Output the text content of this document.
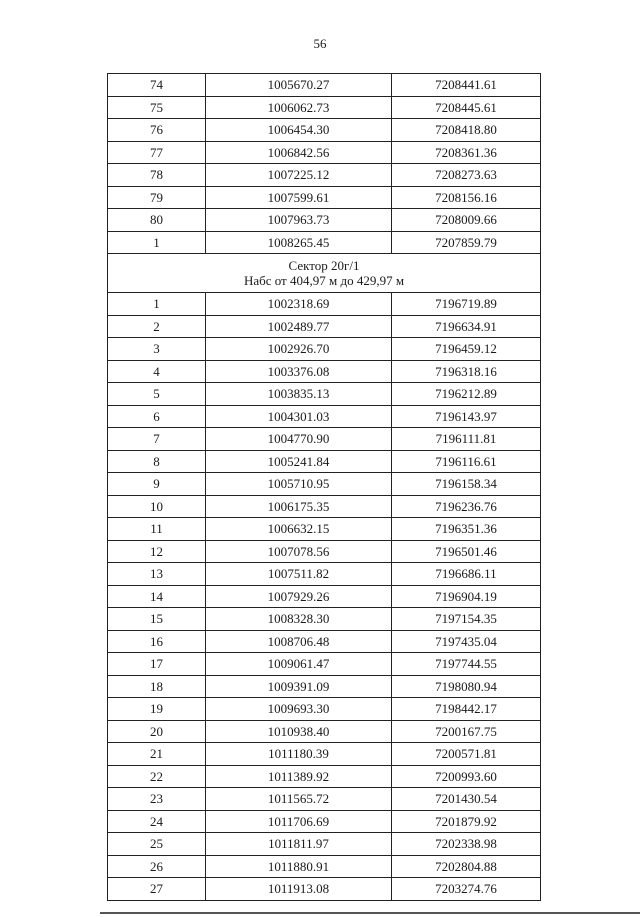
56
74	1005670.27	7208441.61
75	1006062.73	7208445.61
76	1006454.30	7208418.80
77	1006842.56	7208361.36
78	1007225.12	7208273.63
79	1007599.61	7208156.16
80	1007963.73	7208009.66
1	1008265.45	7207859.79

Сектор 20г/1
Набс от 404,97 м до 429,97 м		

1	1002318.69	7196719.89
2	1002489.77	7196634.91
3	1002926.70	7196459.12
4	1003376.08	7196318.16
5	1003835.13	7196212.89
6	1004301.03	7196143.97
7	1004770.90	7196111.81
8	1005241.84	7196116.61
9	1005710.95	7196158.34
10	1006175.35	7196236.76
11	1006632.15	7196351.36
12	1007078.56	7196501.46
13	1007511.82	7196686.11
14	1007929.26	7196904.19
15	1008328.30	7197154.35
16	1008706.48	7197435.04
17	1009061.47	7197744.55
18	1009391.09	7198080.94
19	1009693.30	7198442.17
20	1010938.40	7200167.75
21	1011180.39	7200571.81
22	1011389.92	7200993.60
23	1011565.72	7201430.54
24	1011706.69	7201879.92
25	1011811.97	7202338.98
26	1011880.91	7202804.88
27	1011913.08	7203274.76
